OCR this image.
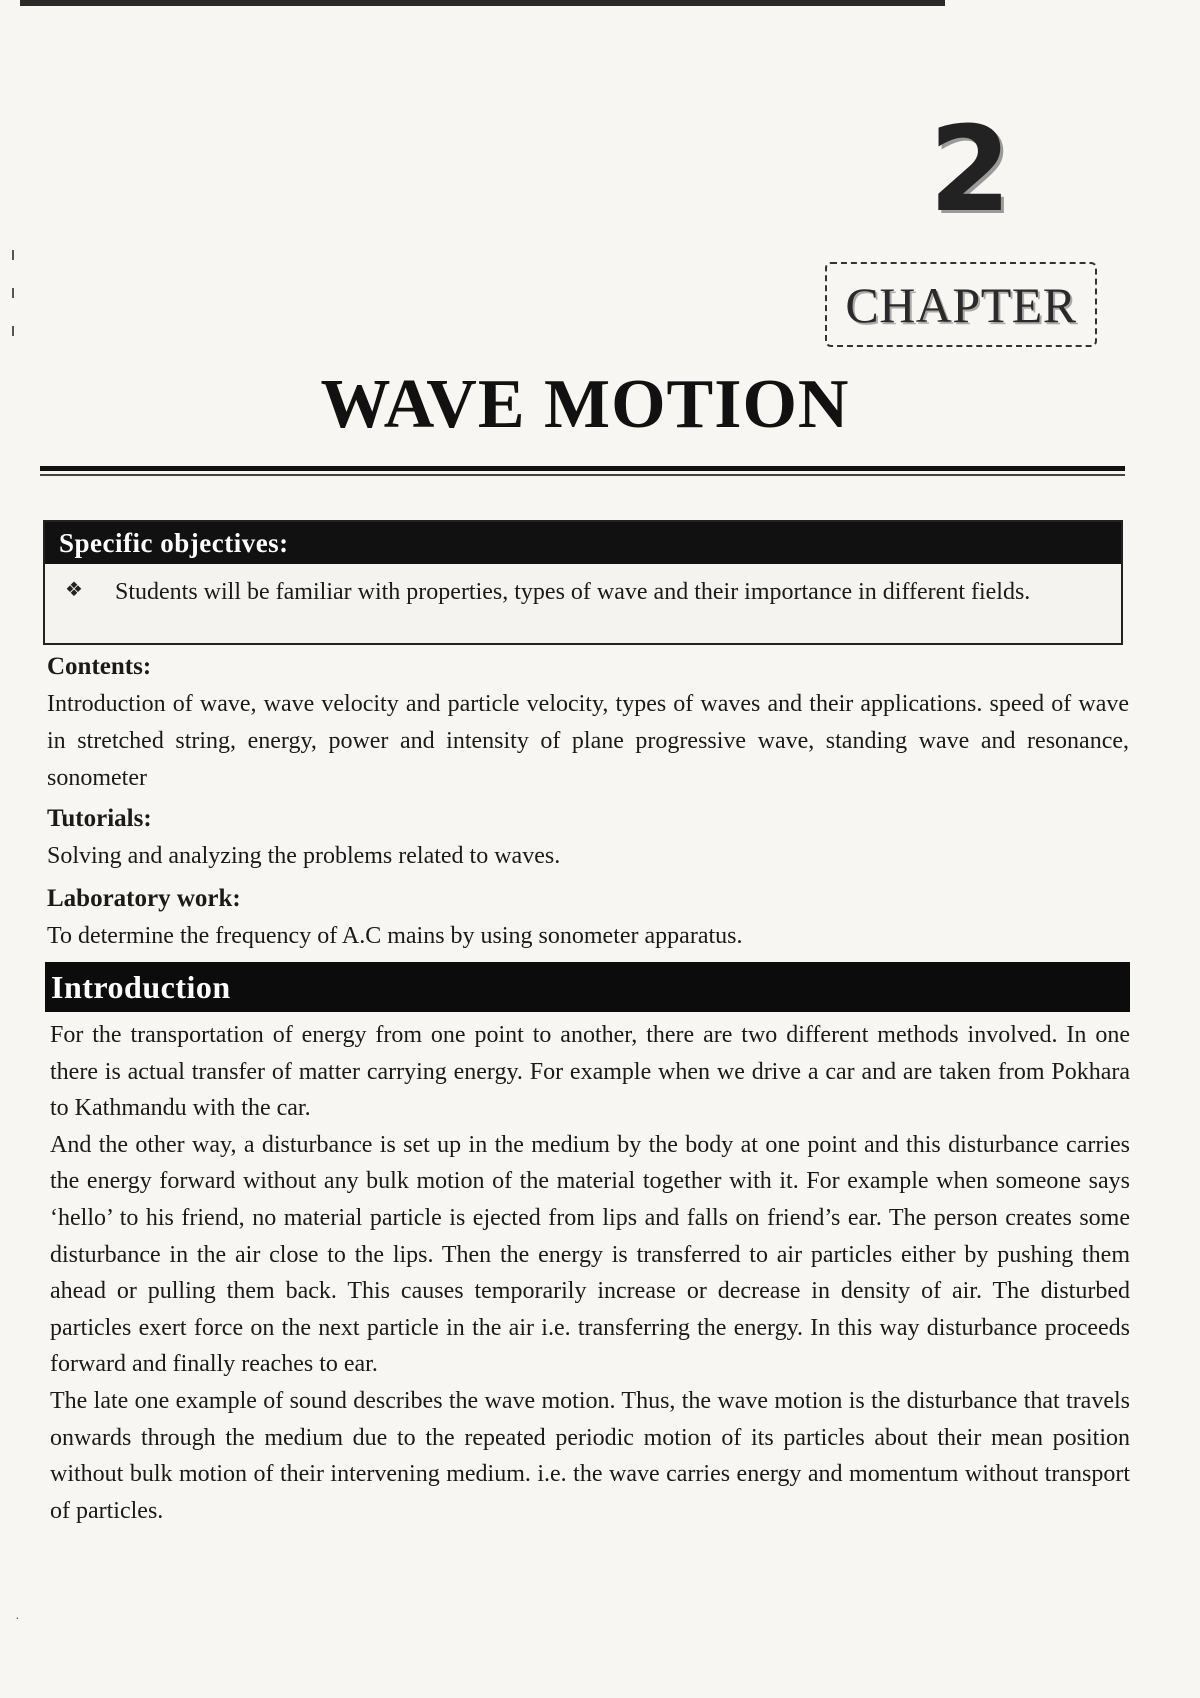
2
CHAPTER
WAVE MOTION
Specific objectives:
❖	Students will be familiar with properties, types of wave and their importance in different fields.

Contents:

Introduction of wave, wave velocity and particle velocity, types of waves and their applications. speed of wave in stretched string, energy, power and intensity of plane progressive wave, standing wave and resonance, sonometer

Tutorials:

Solving and analyzing the problems related to waves.

Laboratory work:

To determine the frequency of A.C mains by using sonometer apparatus.

Introduction

For the transportation of energy from one point to another, there are two different methods involved. In one there is actual transfer of matter carrying energy. For example when we drive a car and are taken from Pokhara to Kathmandu with the car.

And the other way, a disturbance is set up in the medium by the body at one point and this disturbance carries the energy forward without any bulk motion of the material together with it. For example when someone says ‘hello’ to his friend, no material particle is ejected from lips and falls on friend’s ear. The person creates some disturbance in the air close to the lips. Then the energy is transferred to air particles either by pushing them ahead or pulling them back. This causes temporarily increase or decrease in density of air. The disturbed particles exert force on the next particle in the air i.e. transferring the energy. In this way disturbance proceeds forward and finally reaches to ear.

The late one example of sound describes the wave motion. Thus, the wave motion is the disturbance that travels onwards through the medium due to the repeated periodic motion of its particles about their mean position without bulk motion of their intervening medium. i.e. the wave carries energy and momentum without transport of particles.

·
